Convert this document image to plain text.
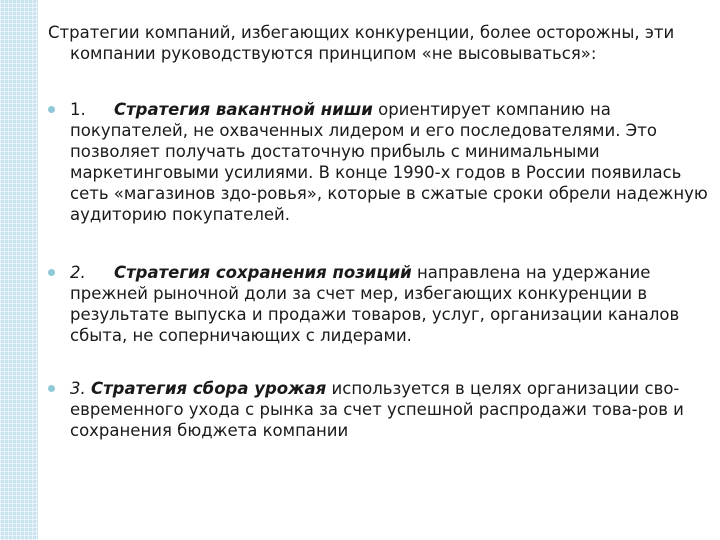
Стратегии компаний, избегающих конкуренции, более осторожны, эти компании руководствуются принципом «не высовываться»:

1. Стратегия вакантной ниши ориентирует компанию на покупателей, не охваченных лидером и его последователями. Это позволяет получать достаточную прибыль с минимальными маркетинговыми усилиями. В конце 1990-х годов в России появилась сеть «магазинов здо-ровья», которые в сжатые сроки обрели надежную аудиторию покупателей.
2. Стратегия сохранения позиций направлена на удержание прежней рыночной доли за счет мер, избегающих конкуренции в результате выпуска и продажи товаров, услуг, организации каналов сбыта, не соперничающих с лидерами.
3. Стратегия сбора урожая используется в целях организации сво-евременного ухода с рынка за счет успешной распродажи това-ров и сохранения бюджета компании
